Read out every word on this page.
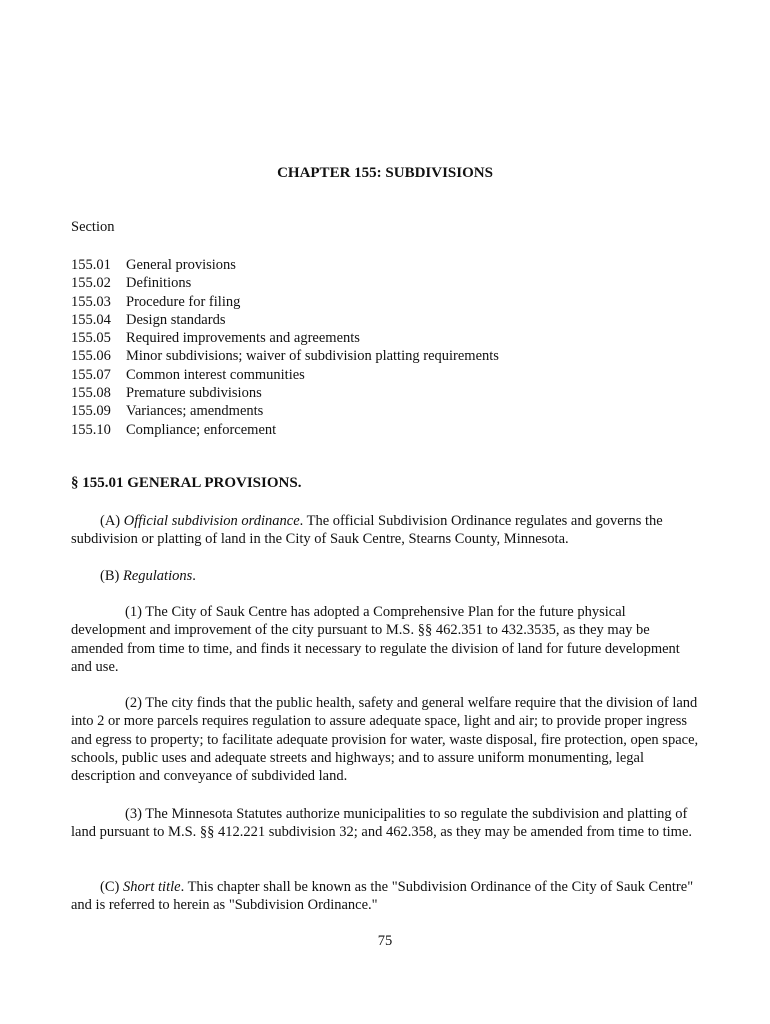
CHAPTER 155: SUBDIVISIONS
Section
155.01	General provisions
155.02	Definitions
155.03	Procedure for filing
155.04	Design standards
155.05	Required improvements and agreements
155.06	Minor subdivisions; waiver of subdivision platting requirements
155.07	Common interest communities
155.08	Premature subdivisions
155.09	Variances; amendments
155.10	Compliance; enforcement
§ 155.01 GENERAL PROVISIONS.
(A) Official subdivision ordinance. The official Subdivision Ordinance regulates and governs the subdivision or platting of land in the City of Sauk Centre, Stearns County, Minnesota.
(B) Regulations.
(1) The City of Sauk Centre has adopted a Comprehensive Plan for the future physical development and improvement of the city pursuant to M.S. §§ 462.351 to 432.3535, as they may be amended from time to time, and finds it necessary to regulate the division of land for future development and use.
(2) The city finds that the public health, safety and general welfare require that the division of land into 2 or more parcels requires regulation to assure adequate space, light and air; to provide proper ingress and egress to property; to facilitate adequate provision for water, waste disposal, fire protection, open space, schools, public uses and adequate streets and highways; and to assure uniform monumenting, legal description and conveyance of subdivided land.
(3) The Minnesota Statutes authorize municipalities to so regulate the subdivision and platting of land pursuant to M.S. §§ 412.221 subdivision 32; and 462.358, as they may be amended from time to time.
(C) Short title. This chapter shall be known as the "Subdivision Ordinance of the City of Sauk Centre" and is referred to herein as "Subdivision Ordinance."
75
